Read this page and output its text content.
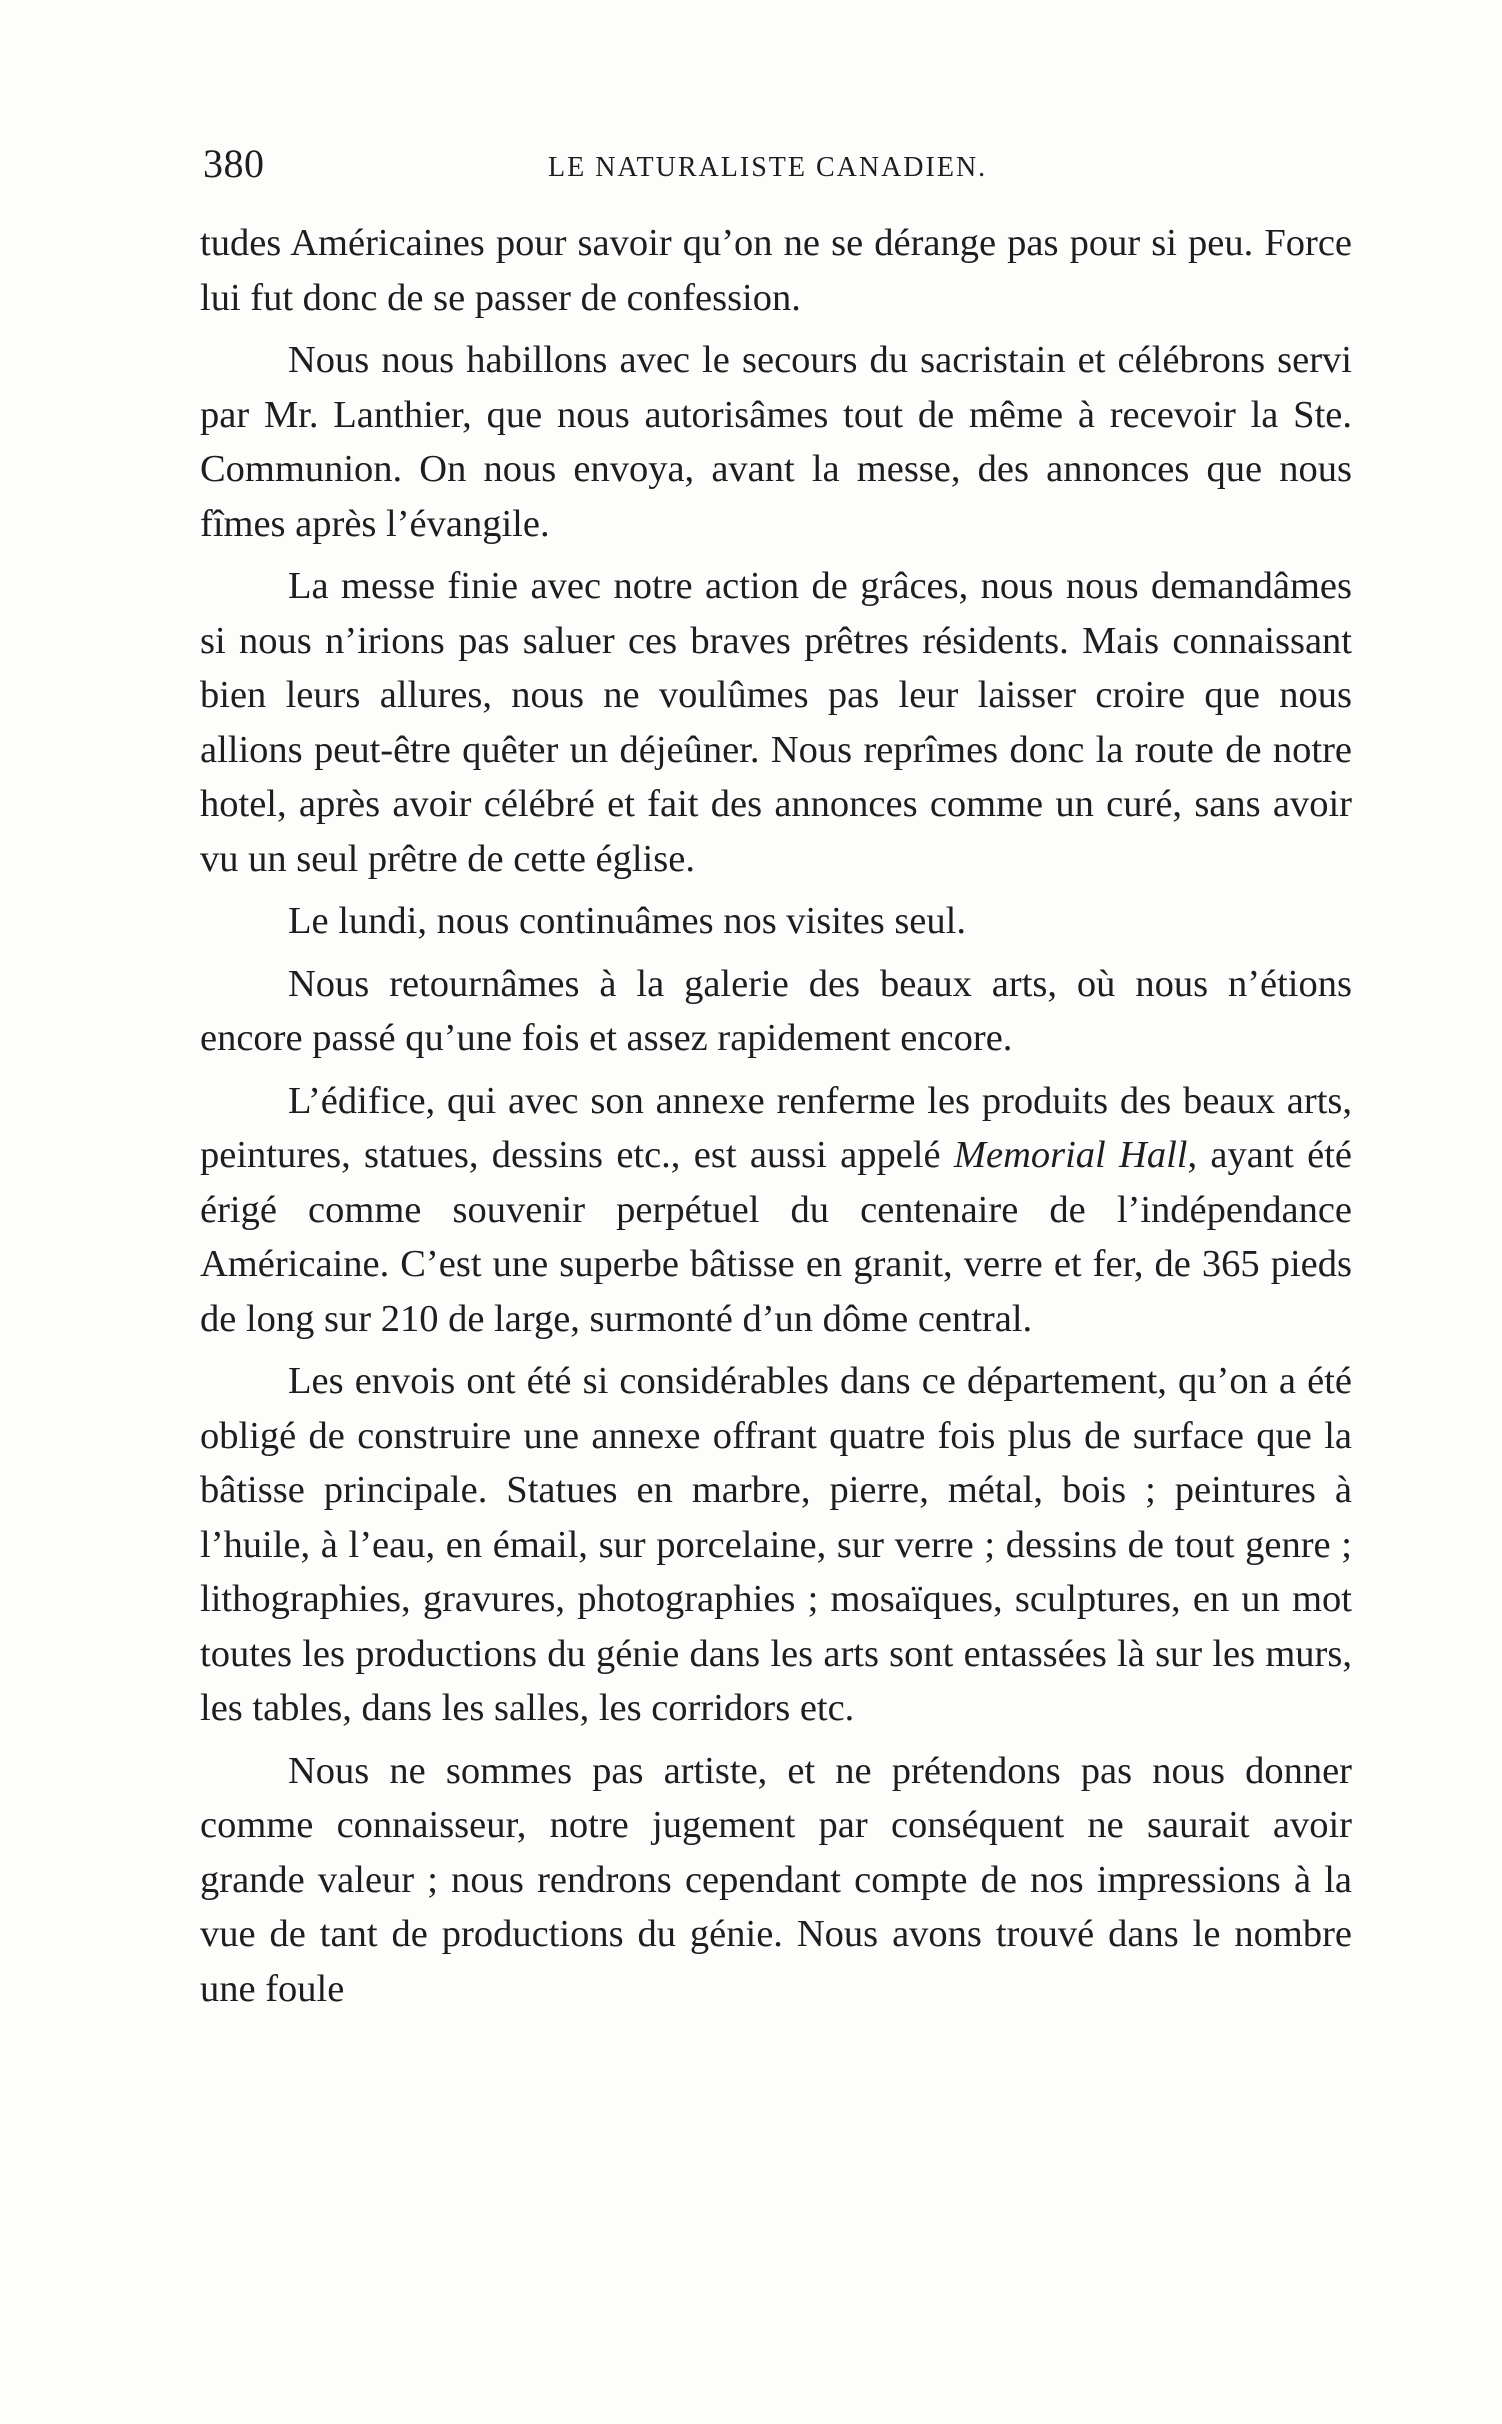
380	LE NATURALISTE CANADIEN.

tudes Américaines pour savoir qu’on ne se dérange pas pour si peu. Force lui fut donc de se passer de confession.

Nous nous habillons avec le secours du sacristain et célébrons servi par Mr. Lanthier, que nous autorisâmes tout de même à recevoir la Ste. Communion. On nous envoya, avant la messe, des annonces que nous fîmes après l’évangile.

La messe finie avec notre action de grâces, nous nous demandâmes si nous n’irions pas saluer ces braves prêtres résidents. Mais connaissant bien leurs allures, nous ne voulûmes pas leur laisser croire que nous allions peut-être quêter un déjeûner. Nous reprîmes donc la route de notre hotel, après avoir célébré et fait des annonces comme un curé, sans avoir vu un seul prêtre de cette église.

Le lundi, nous continuâmes nos visites seul.

Nous retournâmes à la galerie des beaux arts, où nous n’étions encore passé qu’une fois et assez rapidement encore.

L’édifice, qui avec son annexe renferme les produits des beaux arts, peintures, statues, dessins etc., est aussi appelé Memorial Hall, ayant été érigé comme souvenir perpétuel du centenaire de l’indépendance Américaine. C’est une superbe bâtisse en granit, verre et fer, de 365 pieds de long sur 210 de large, surmonté d’un dôme central.

Les envois ont été si considérables dans ce département, qu’on a été obligé de construire une annexe offrant quatre fois plus de surface que la bâtisse principale. Statues en marbre, pierre, métal, bois ; peintures à l’huile, à l’eau, en émail, sur porcelaine, sur verre ; dessins de tout genre ; lithographies, gravures, photographies ; mosaïques, sculptures, en un mot toutes les productions du génie dans les arts sont entassées là sur les murs, les tables, dans les salles, les corridors etc.

Nous ne sommes pas artiste, et ne prétendons pas nous donner comme connaisseur, notre jugement par conséquent ne saurait avoir grande valeur ; nous rendrons cependant compte de nos impressions à la vue de tant de productions du génie. Nous avons trouvé dans le nombre une foule
